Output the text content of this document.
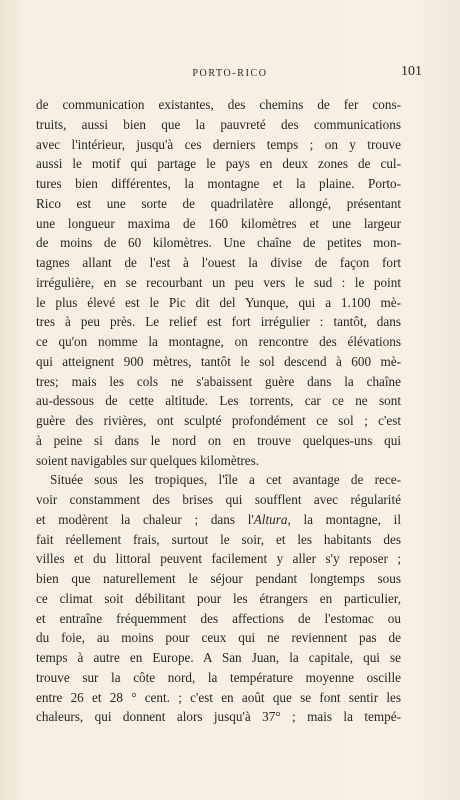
PORTO-RICO	101
de communication existantes, des chemins de fer cons-
truits, aussi bien que la pauvreté des communications
avec l'intérieur, jusqu'à ces derniers temps ; on y trouve
aussi le motif qui partage le pays en deux zones de cul-
tures bien différentes, la montagne et la plaine. Porto-
Rico est une sorte de quadrilatère allongé, présentant
une longueur maxima de 160 kilomètres et une largeur
de moins de 60 kilomètres. Une chaîne de petites mon-
tagnes allant de l'est à l'ouest la divise de façon fort
irrégulière, en se recourbant un peu vers le sud : le point
le plus élevé est le Pic dit del Yunque, qui a 1.100 mè-
tres à peu près. Le relief est fort irrégulier : tantôt, dans
ce qu'on nomme la montagne, on rencontre des élévations
qui atteignent 900 mètres, tantôt le sol descend à 600 mè-
tres; mais les cols ne s'abaissent guère dans la chaîne
au-dessous de cette altitude. Les torrents, car ce ne sont
guère des rivières, ont sculpté profondément ce sol ; c'est
à peine si dans le nord on en trouve quelques-uns qui
soient navigables sur quelques kilomètres.
Située sous les tropiques, l'île a cet avantage de rece-
voir constamment des brises qui soufflent avec régularité
et modèrent la chaleur ; dans l'Altura, la montagne, il
fait réellement frais, surtout le soir, et les habitants des
villes et du littoral peuvent facilement y aller s'y reposer ;
bien que naturellement le séjour pendant longtemps sous
ce climat soit débilitant pour les étrangers en particulier,
et entraîne fréquemment des affections de l'estomac ou
du foie, au moins pour ceux qui ne reviennent pas de
temps à autre en Europe. A San Juan, la capitale, qui se
trouve sur la côte nord, la température moyenne oscille
entre 26 et 28 ° cent. ; c'est en août que se font sentir les
chaleurs, qui donnent alors jusqu'à 37° ; mais la tempé-
